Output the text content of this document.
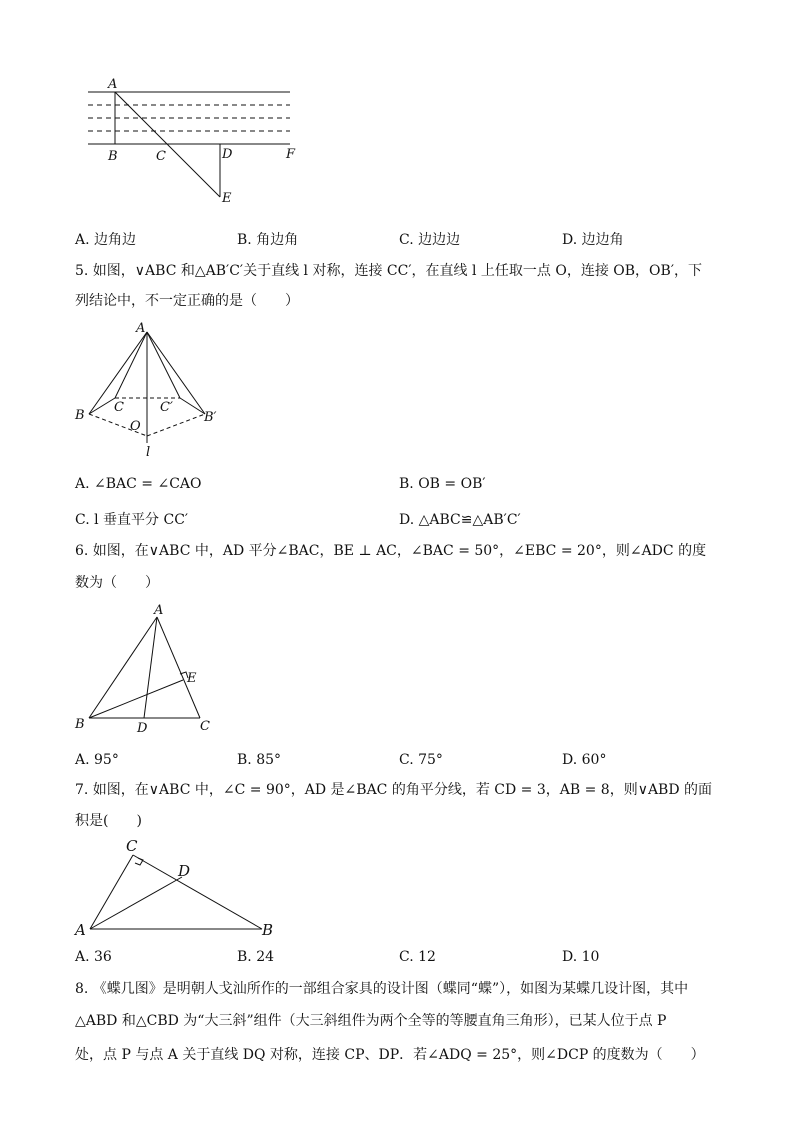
A
B	C	D	F
E
A. 边角边	B. 角边角	C. 边边边	D. 边边角
5. 如图，∨ABC 和△AB′C′关于直线 l 对称，连接 CC′，在直线 l 上任取一点 O，连接 OB，OB′，下
列结论中，不一定正确的是（　　）
A
B
C	C′
B′
O
l
A. ∠BAC = ∠CAO	B. OB = OB′
C. l 垂直平分 CC′	D. △ABC≌△AB′C′
6. 如图，在∨ABC 中，AD 平分∠BAC，BE ⊥ AC，∠BAC = 50°，∠EBC = 20°，则∠ADC 的度
数为（　　）
A
B	C
D
E
A. 95°	B. 85°	C. 75°	D. 60°
7. 如图，在∨ABC 中，∠C = 90°，AD 是∠BAC 的角平分线，若 CD = 3，AB = 8，则∨ABD 的面
积是(　　)
C
D
A	B
A. 36	B. 24	C. 12	D. 10
8. 《蝶几图》是明朝人戈汕所作的一部组合家具的设计图（蝶同“蝶”），如图为某蝶几设计图，其中
△ABD 和△CBD 为“大三斜”组件（大三斜组件为两个全等的等腰直角三角形），已某人位于点 P
处，点 P 与点 A 关于直线 DQ 对称，连接 CP、DP．若∠ADQ = 25°，则∠DCP 的度数为（　　）
